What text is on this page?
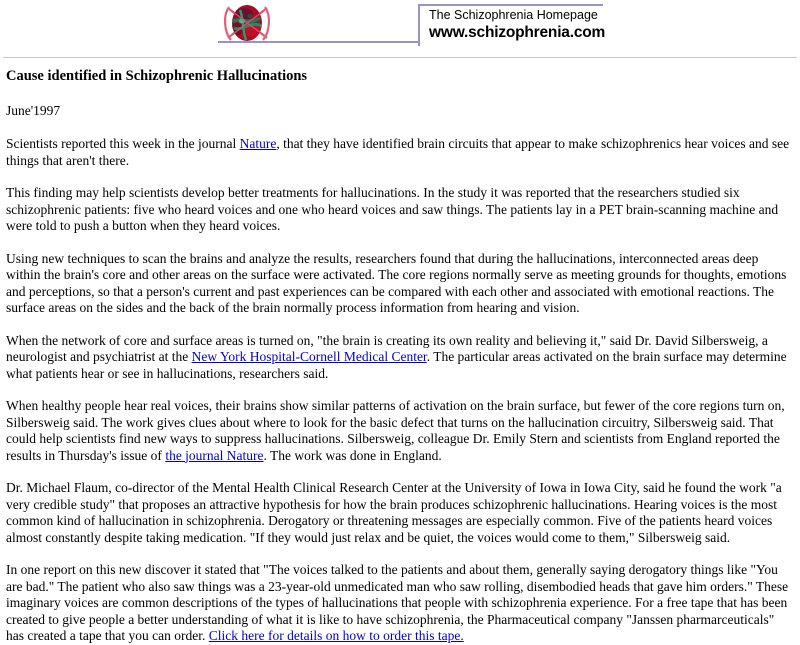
The Schizophrenia Homepage
www.schizophrenia.com
Cause identified in Schizophrenic Hallucinations
June'1997

Scientists reported this week in the journal Nature, that they have identified brain circuits that appear to make schizophrenics hear voices and see things that aren't there.

This finding may help scientists develop better treatments for hallucinations. In the study it was reported that the researchers studied six schizophrenic patients: five who heard voices and one who heard voices and saw things. The patients lay in a PET brain-scanning machine and were told to push a button when they heard voices.

Using new techniques to scan the brains and analyze the results, researchers found that during the hallucinations, interconnected areas deep within the brain's core and other areas on the surface were activated. The core regions normally serve as meeting grounds for thoughts, emotions and perceptions, so that a person's current and past experiences can be compared with each other and associated with emotional reactions. The surface areas on the sides and the back of the brain normally process information from hearing and vision.

When the network of core and surface areas is turned on, "the brain is creating its own reality and believing it," said Dr. David Silbersweig, a neurologist and psychiatrist at the New York Hospital-Cornell Medical Center. The particular areas activated on the brain surface may determine what patients hear or see in hallucinations, researchers said.

When healthy people hear real voices, their brains show similar patterns of activation on the brain surface, but fewer of the core regions turn on, Silbersweig said. The work gives clues about where to look for the basic defect that turns on the hallucination circuitry, Silbersweig said. That could help scientists find new ways to suppress hallucinations. Silbersweig, colleague Dr. Emily Stern and scientists from England reported the results in Thursday's issue of the journal Nature. The work was done in England.

Dr. Michael Flaum, co-director of the Mental Health Clinical Research Center at the University of Iowa in Iowa City, said he found the work "a very credible study" that proposes an attractive hypothesis for how the brain produces schizophrenic hallucinations. Hearing voices is the most common kind of hallucination in schizophrenia. Derogatory or threatening messages are especially common. Five of the patients heard voices almost constantly despite taking medication. "If they would just relax and be quiet, the voices would come to them," Silbersweig said.

In one report on this new discover it stated that "The voices talked to the patients and about them, generally saying derogatory things like "You are bad." The patient who also saw things was a 23-year-old unmedicated man who saw rolling, disembodied heads that gave him orders." These imaginary voices are common descriptions of the types of hallucinations that people with schizophrenia experience. For a free tape that has been created to give people a better understanding of what it is like to have schizophrenia, the Pharmaceutical company "Janssen pharmarceuticals" has created a tape that you can order. Click here for details on how to order this tape.
